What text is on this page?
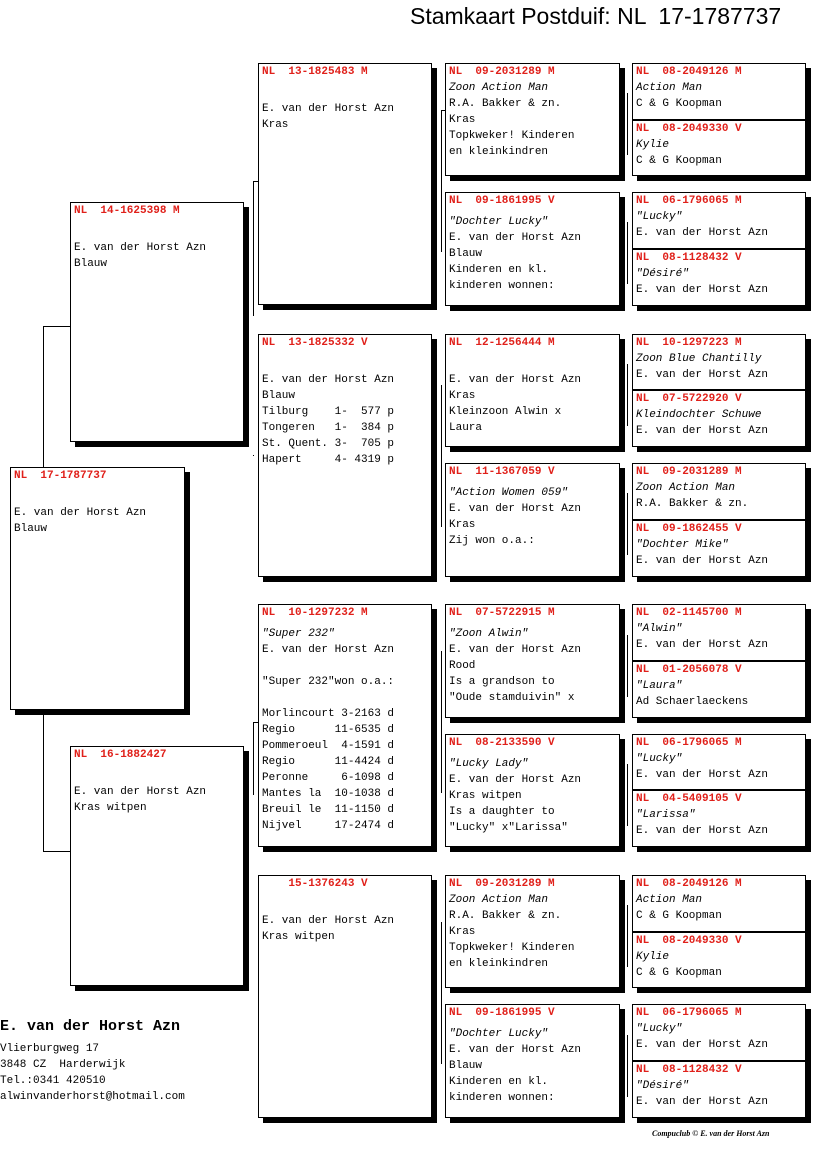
Stamkaart Postduif: NL  17-1787737
NL  17-1787737
E. van der Horst Azn
Blauw
NL  14-1625398 M
E. van der Horst Azn
Blauw
NL  16-1882427
E. van der Horst Azn
Kras witpen
NL  13-1825483 M
E. van der Horst Azn
Kras
NL  13-1825332 V
E. van der Horst Azn
Blauw
Tilburg    1-  577 p
Tongeren   1-  384 p
St. Quent. 3-  705 p
Hapert     4- 4319 p
NL  10-1297232 M
"Super 232"
E. van der Horst Azn
"Super 232"won o.a.:
Morlincourt 3-2163 d
Regio      11-6535 d
Pommeroeul  4-1591 d
Regio      11-4424 d
Peronne     6-1098 d
Mantes la  10-1038 d
Breuil le  11-1150 d
Nijvel     17-2474 d
15-1376243 V
E. van der Horst Azn
Kras witpen
NL  09-2031289 M
Zoon Action Man
R.A. Bakker & zn.
Kras
Topkweker! Kinderen
en kleinkindren
NL  09-1861995 V
"Dochter Lucky"
E. van der Horst Azn
Blauw
Kinderen en kl.
kinderen wonnen:
NL  12-1256444 M
E. van der Horst Azn
Kras
Kleinzoon Alwin x
Laura
NL  11-1367059 V
"Action Women 059"
E. van der Horst Azn
Kras
Zij won o.a.:
NL  07-5722915 M
"Zoon Alwin"
E. van der Horst Azn
Rood
Is a grandson to
"Oude stamduivin" x
NL  08-2133590 V
"Lucky Lady"
E. van der Horst Azn
Kras witpen
Is a daughter to
"Lucky" x"Larissa"
NL  09-2031289 M
Zoon Action Man
R.A. Bakker & zn.
Kras
Topkweker! Kinderen
en kleinkindren
NL  09-1861995 V
"Dochter Lucky"
E. van der Horst Azn
Blauw
Kinderen en kl.
kinderen wonnen:
NL  08-2049126 M
Action Man
C & G Koopman
NL  08-2049330 V
Kylie
C & G Koopman
NL  06-1796065 M
"Lucky"
E. van der Horst Azn
NL  08-1128432 V
"Désiré"
E. van der Horst Azn
NL  10-1297223 M
Zoon Blue Chantilly
E. van der Horst Azn
NL  07-5722920 V
Kleindochter Schuwe
E. van der Horst Azn
NL  09-2031289 M
Zoon Action Man
R.A. Bakker & zn.
NL  09-1862455 V
"Dochter Mike"
E. van der Horst Azn
NL  02-1145700 M
"Alwin"
E. van der Horst Azn
NL  01-2056078 V
"Laura"
Ad Schaerlaeckens
NL  06-1796065 M
"Lucky"
E. van der Horst Azn
NL  04-5409105 V
"Larissa"
E. van der Horst Azn
NL  08-2049126 M
Action Man
C & G Koopman
NL  08-2049330 V
Kylie
C & G Koopman
NL  06-1796065 M
"Lucky"
E. van der Horst Azn
NL  08-1128432 V
"Désiré"
E. van der Horst Azn
E. van der Horst Azn
Vlierburgweg 17
3848 CZ  Harderwijk
Tel.:0341 420510
alwinvanderhorst@hotmail.com
Compuclub © E. van der Horst Azn
